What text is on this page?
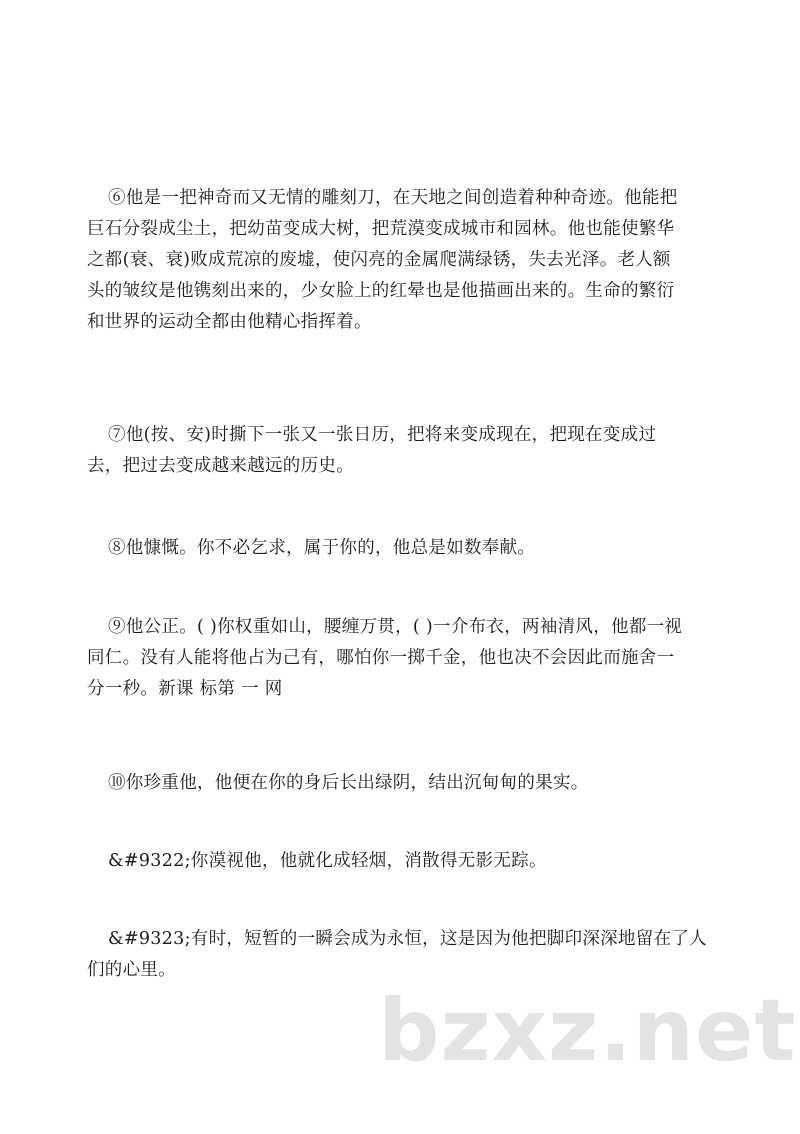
⑥他是一把神奇而又无情的雕刻刀，在天地之间创造着种种奇迹。他能把
巨石分裂成尘土，把幼苗变成大树，把荒漠变成城市和园林。他也能使繁华
之都(衰、衰)败成荒凉的废墟，使闪亮的金属爬满绿锈，失去光泽。老人额
头的皱纹是他镌刻出来的，少女脸上的红晕也是他描画出来的。生命的繁衍
和世界的运动全都由他精心指挥着。
⑦他(按、安)时撕下一张又一张日历，把将来变成现在，把现在变成过
去，把过去变成越来越远的历史。
⑧他慷慨。你不必乞求，属于你的，他总是如数奉献。
⑨他公正。( )你权重如山，腰缠万贯，( )一介布衣，两袖清风，他都一视
同仁。没有人能将他占为己有，哪怕你一掷千金，他也决不会因此而施舍一
分一秒。新课 标第 一 网
⑩你珍重他，他便在你的身后长出绿阴，结出沉甸甸的果实。
&#9322;你漠视他，他就化成轻烟，消散得无影无踪。
&#9323;有时，短暂的一瞬会成为永恒，这是因为他把脚印深深地留在了人
们的心里。
bzxz.net
